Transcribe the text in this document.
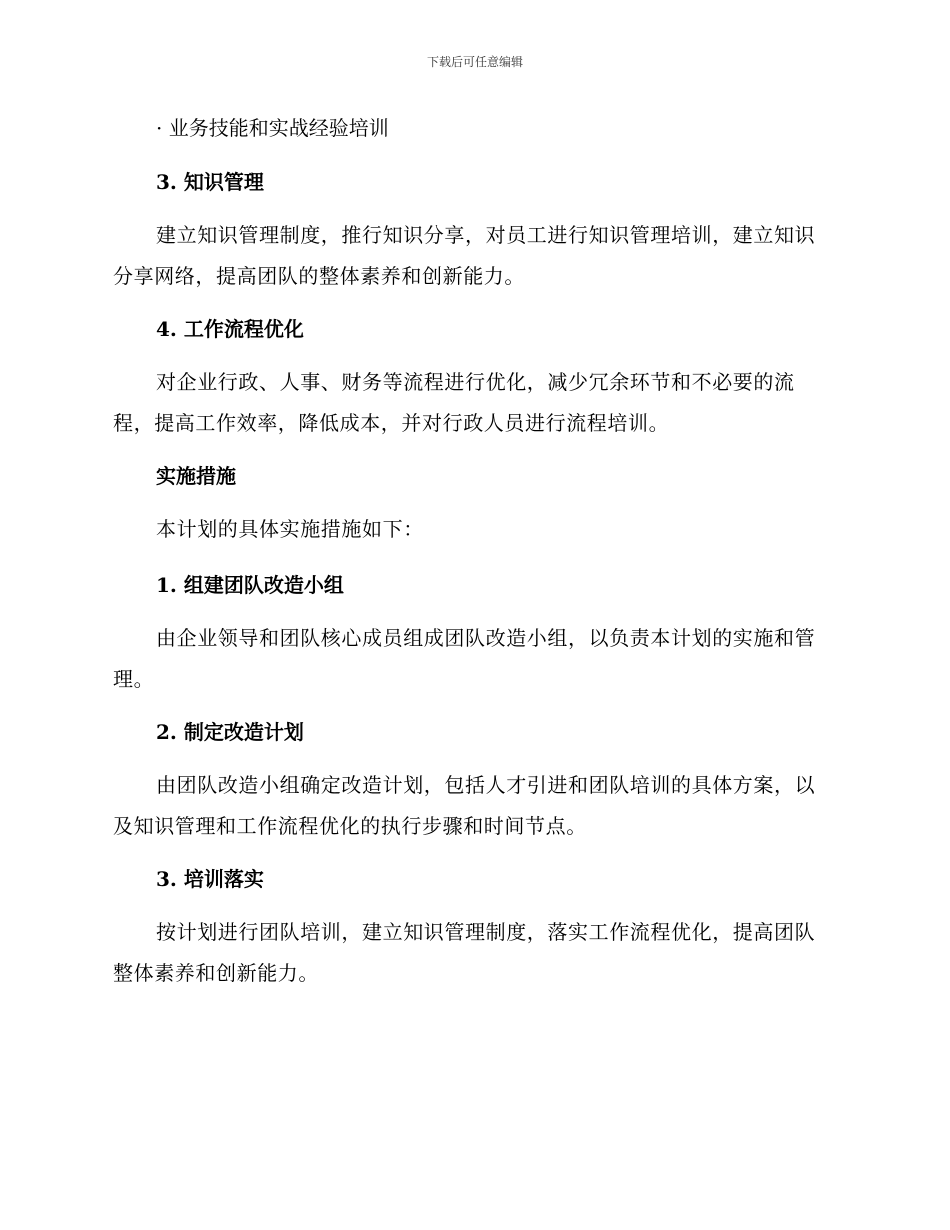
下载后可任意编辑

· 业务技能和实战经验培训

3. 知识管理

建立知识管理制度，推行知识分享，对员工进行知识管理培训，建立知识分享网络，提高团队的整体素养和创新能力。

4. 工作流程优化

对企业行政、人事、财务等流程进行优化，减少冗余环节和不必要的流程，提高工作效率，降低成本，并对行政人员进行流程培训。

实施措施

本计划的具体实施措施如下：

1. 组建团队改造小组

由企业领导和团队核心成员组成团队改造小组，以负责本计划的实施和管理。

2. 制定改造计划

由团队改造小组确定改造计划，包括人才引进和团队培训的具体方案，以及知识管理和工作流程优化的执行步骤和时间节点。

3. 培训落实

按计划进行团队培训，建立知识管理制度，落实工作流程优化，提高团队整体素养和创新能力。
